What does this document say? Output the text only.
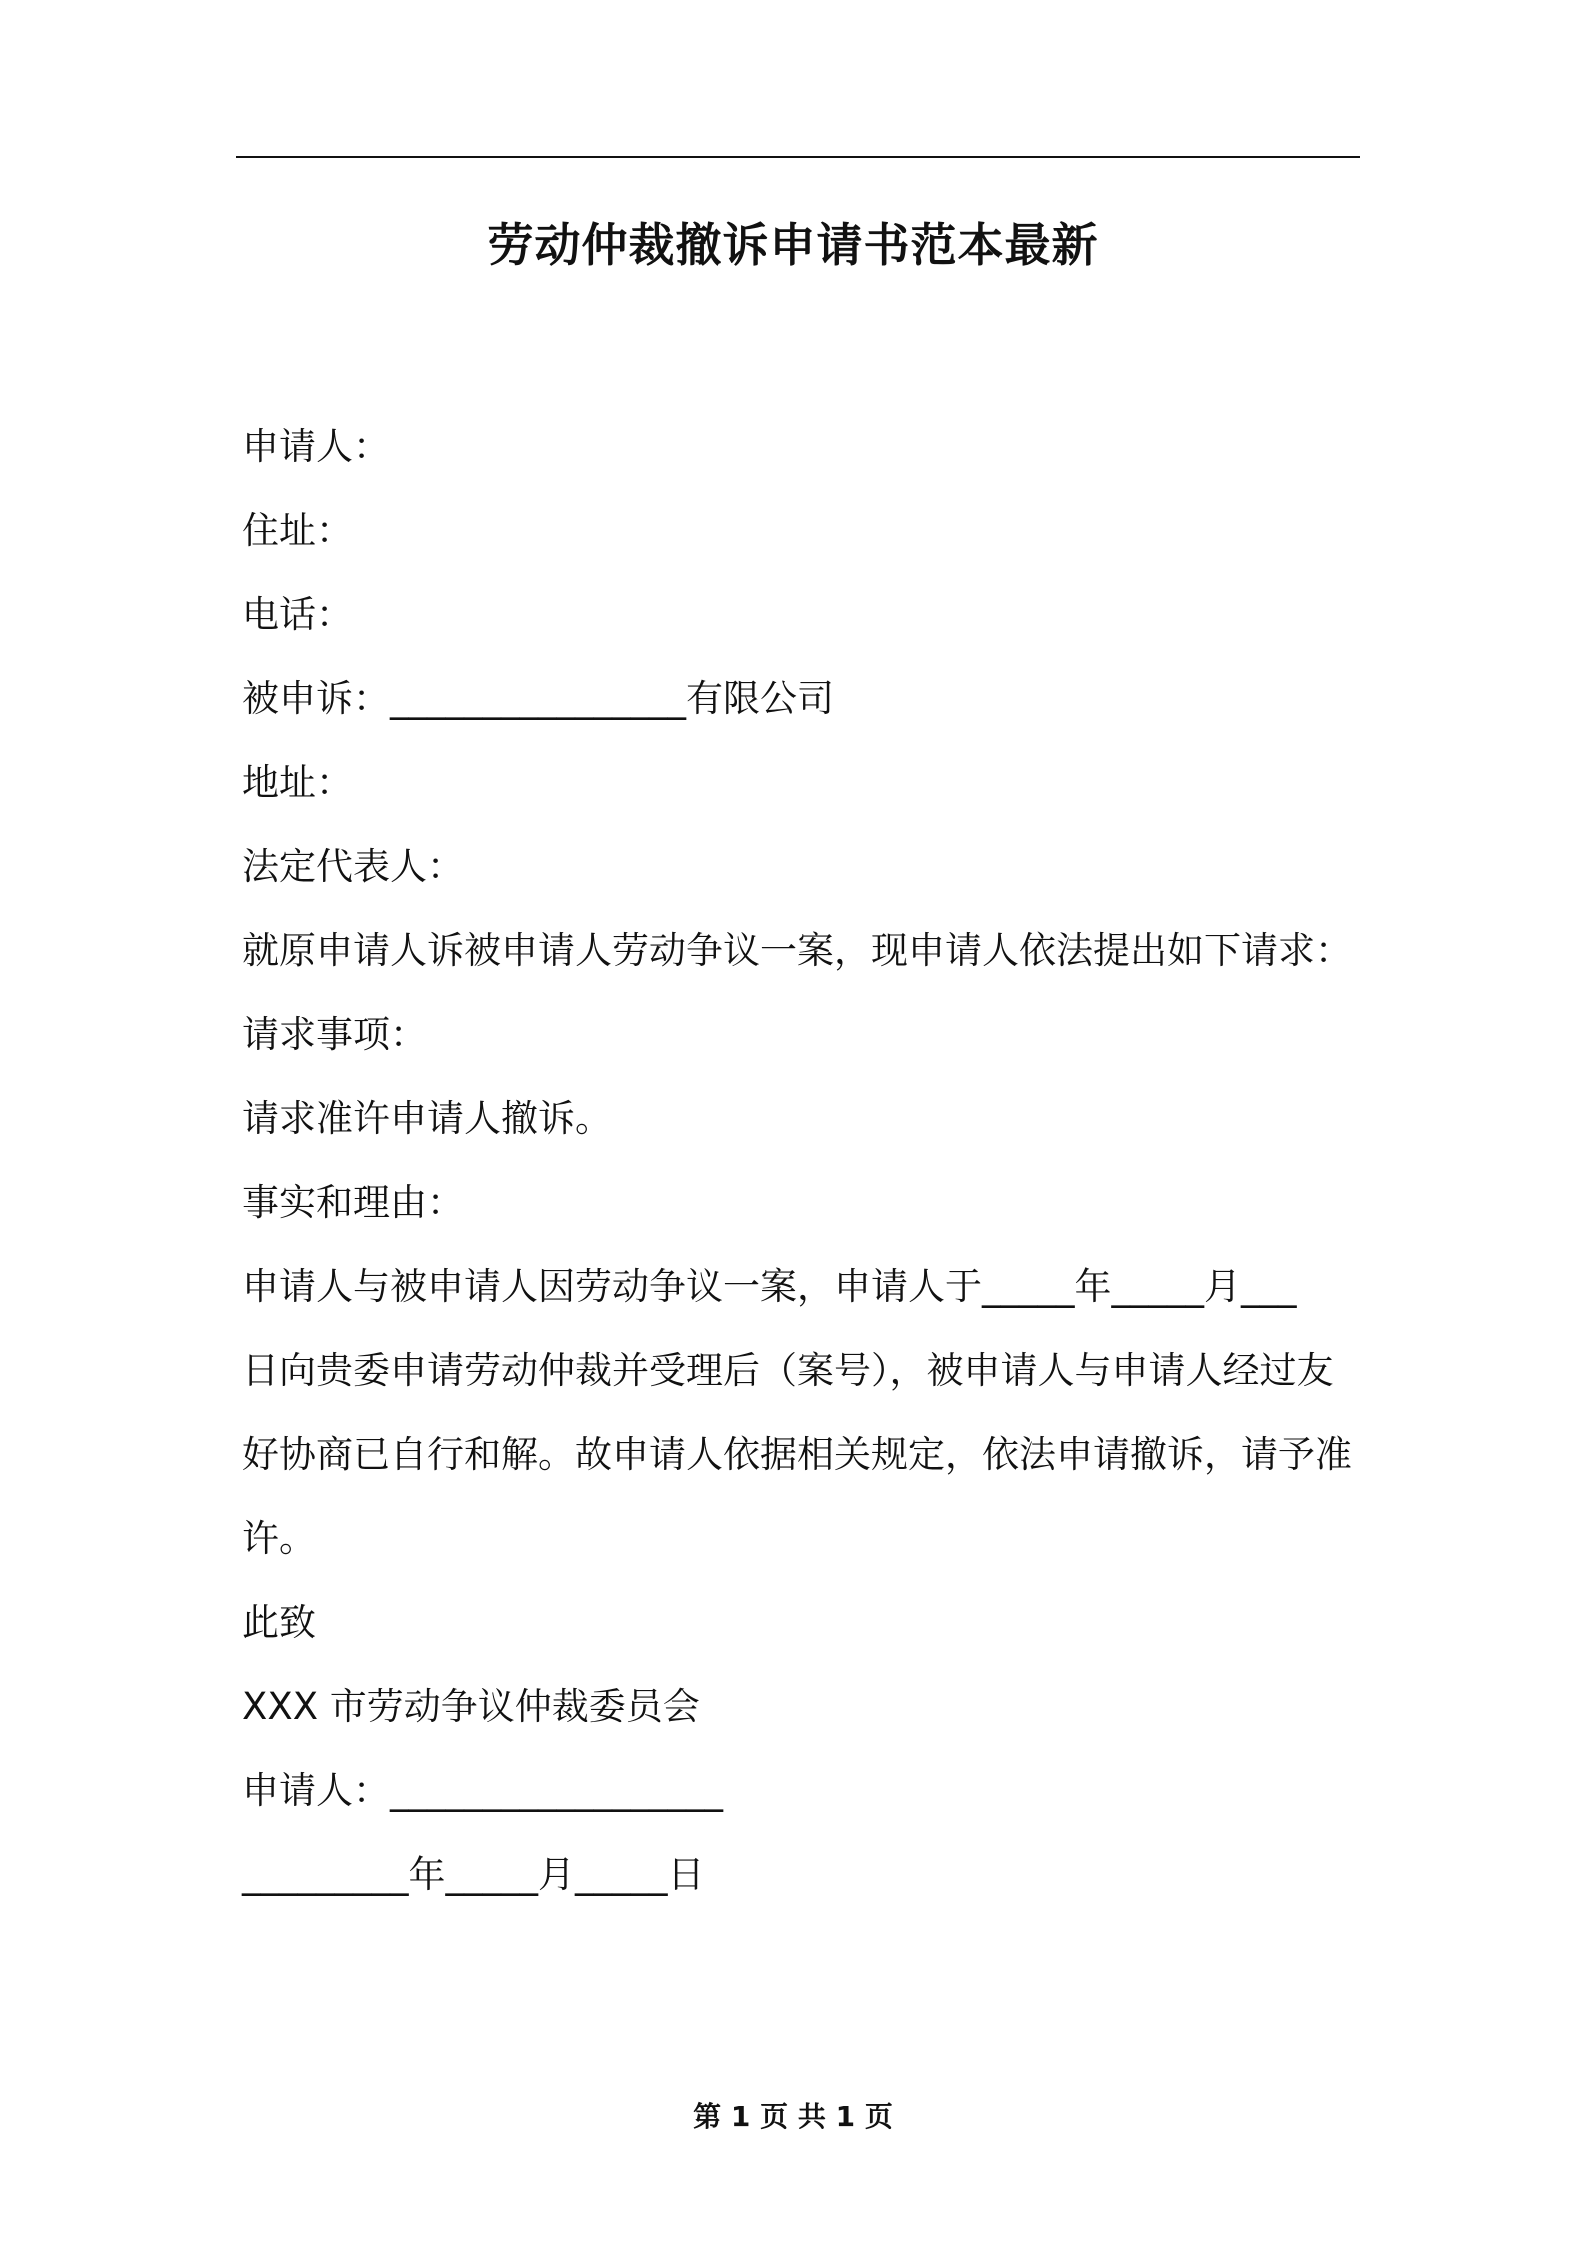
劳动仲裁撤诉申请书范本最新
申请人：
住址：
电话：
被申诉：________________有限公司
地址：
法定代表人：
就原申请人诉被申请人劳动争议一案，现申请人依法提出如下请求：
请求事项：
请求准许申请人撤诉。
事实和理由：
申请人与被申请人因劳动争议一案，申请人于_____年_____月___
日向贵委申请劳动仲裁并受理后（案号），被申请人与申请人经过友
好协商已自行和解。故申请人依据相关规定，依法申请撤诉，请予准
许。
此致
XXX 市劳动争议仲裁委员会
申请人：__________________
_________年_____月_____日
第 1 页 共 1 页
